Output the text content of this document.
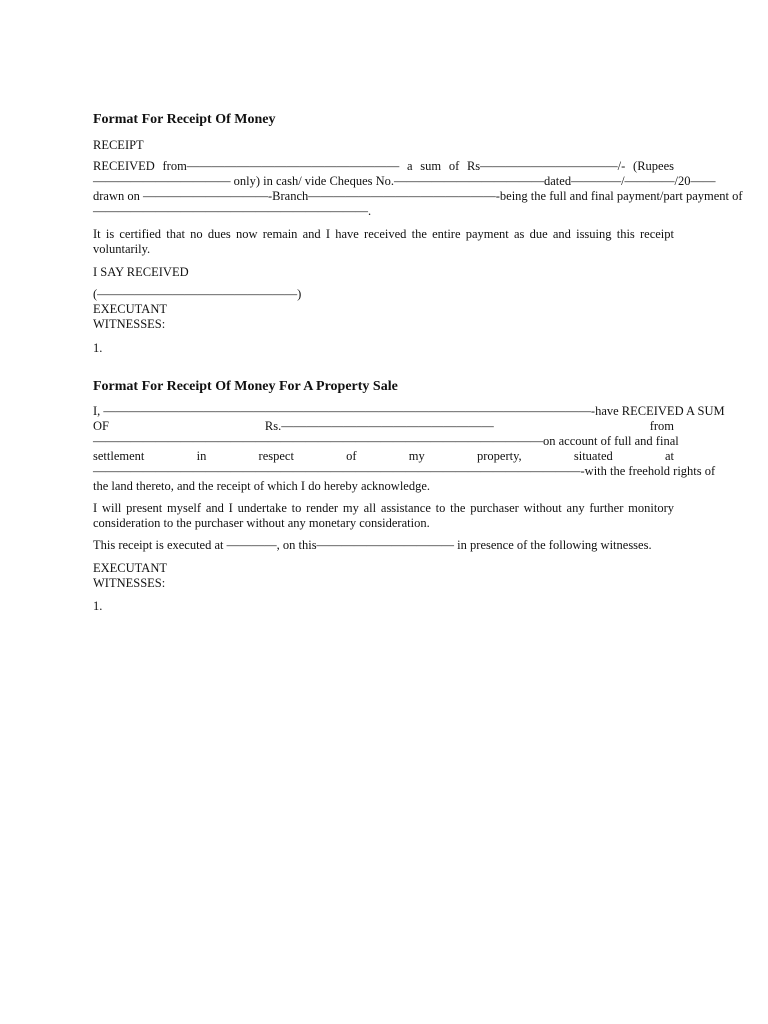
Format For Receipt Of Money
RECEIPT
RECEIVED from————————————————— a sum of Rs———————————/- (Rupees
——————————— only) in cash/ vide Cheques No.————————————dated————/————/20——
drawn on ——————————-Branch———————————————-being the full and final payment/part payment of
——————————————————————.
It is certified that no dues now remain and I have received the entire payment as due and issuing this receipt voluntarily.
I SAY RECEIVED
(————————————————)
EXECUTANT
WITNESSES:
1.
Format For Receipt Of Money For A Property Sale
I, ———————————————————————————————————————-have RECEIVED A SUM
OF Rs.————————————————— from
————————————————————————————————————on account of full and final
settlement in respect of my property, situated at
———————————————————————————————————————-with the freehold rights of
the land thereto, and the receipt of which I do hereby acknowledge.
I will present myself and I undertake to render my all assistance to the purchaser without any further monitory consideration to the purchaser without any monetary consideration.
This receipt is executed at ————, on this——————————— in presence of the following witnesses.
EXECUTANT
WITNESSES:
1.
